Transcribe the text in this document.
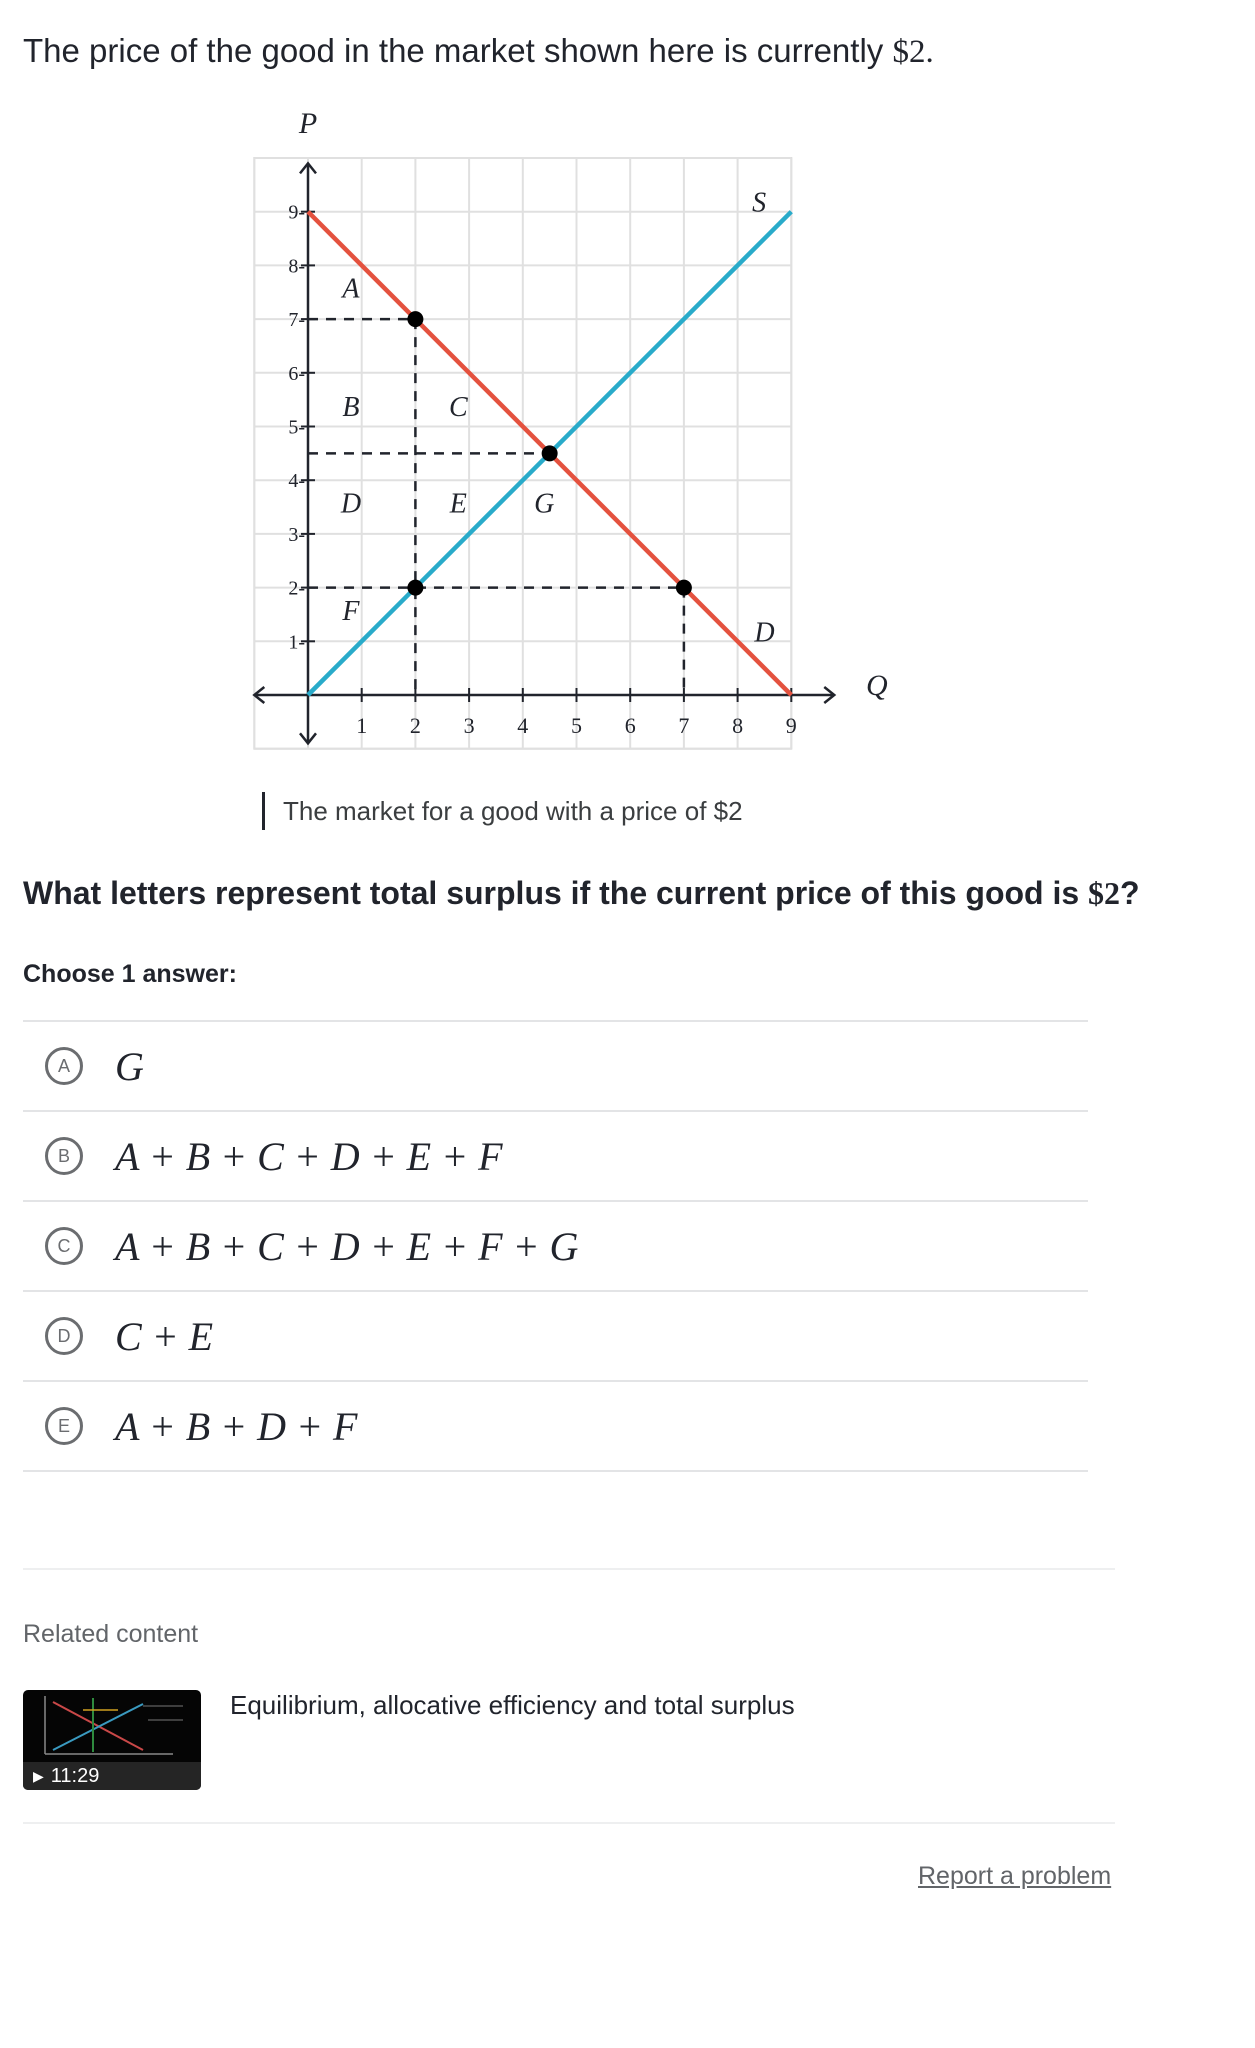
The price of the good in the market shown here is currently $2.
P
Q
The market for a good with a price of $2
1 2 3 4 5 6 7 8 9
1-
2-
3-
4-
5-
6-
7-
8-
9-
A
B	C
D	E G
F
S
D
The market for a good with a price of $2
What letters represent total surplus if the current price of this good is $2?
Choose 1 answer:
A	G
B	A + B + C + D + E + F
C	A + B + C + D + E + F + G
D	C + E
E	A + B + D + F
Related content
▶ 11:29
Equilibrium, allocative efficiency and total surplus
Report a problem
